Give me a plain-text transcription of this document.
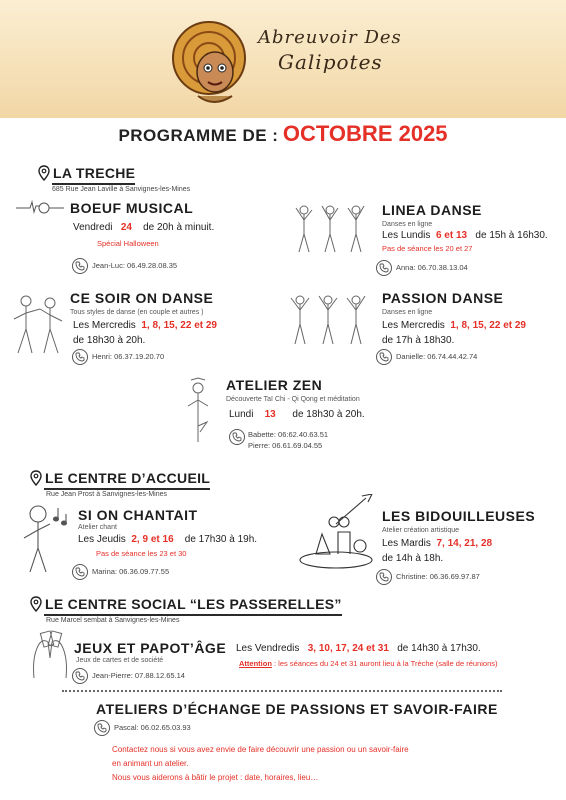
Abreuvoir Des
Galipotes
PROGRAMME DE : OCTOBRE 2025
LA TRECHE
685 Rue Jean Laville à Sanvignes-les-Mines
BOEUF MUSICAL
Vendredi 24 de 20h à minuit.
Spécial Halloween
Jean-Luc: 06.49.28.08.35
LINEA DANSE
Danses en ligne
Les Lundis 6 et 13 de 15h à 16h30.
Pas de séance les 20 et 27
Anna: 06.70.38.13.04
CE SOIR ON DANSE
Tous styles de danse (en couple et autres )
Les Mercredis 1, 8, 15, 22 et 29
de 18h30 à 20h.
Henri: 06.37.19.20.70
PASSION DANSE
Danses en ligne
Les Mercredis 1, 8, 15, 22 et 29
de 17h à 18h30.
Danielle: 06.74.44.42.74
ATELIER ZEN
Découverte Taï Chi - Qi Qong et méditation
Lundi 13 de 18h30 à 20h.
Babette: 06:62.40.63.51
Pierre: 06.61.69.04.55
LE CENTRE D’ACCUEIL
Rue Jean Prost à Sanvignes-les-Mines
SI ON CHANTAIT
Atelier chant
Les Jeudis 2, 9 et 16 de 17h30 à 19h.
Pas de séance les 23 et 30
Marina: 06.36.09.77.55
LES BIDOUILLEUSES
Atelier création artistique
Les Mardis 7, 14, 21, 28
de 14h à 18h.
Christine: 06.36.69.97.87
LE CENTRE SOCIAL “LES PASSERELLES”
Rue Marcel sembat à Sanvignes-les-Mines
JEUX ET PAPOT’ÂGE
Jeux de cartes et de société
Jean-Pierre: 07.88.12.65.14
Les Vendredis 3, 10, 17, 24 et 31 de 14h30 à 17h30.
Attention : les séances du 24 et 31 auront lieu à la Trèche (salle de réunions)
ATELIERS D’ÉCHANGE DE PASSIONS ET SAVOIR-FAIRE
Pascal: 06.02.65.03.93
Contactez nous si vous avez envie de faire découvrir une passion ou un savoir-faire
en animant un atelier.
Nous vous aiderons à bâtir le projet : date, horaires, lieu…
